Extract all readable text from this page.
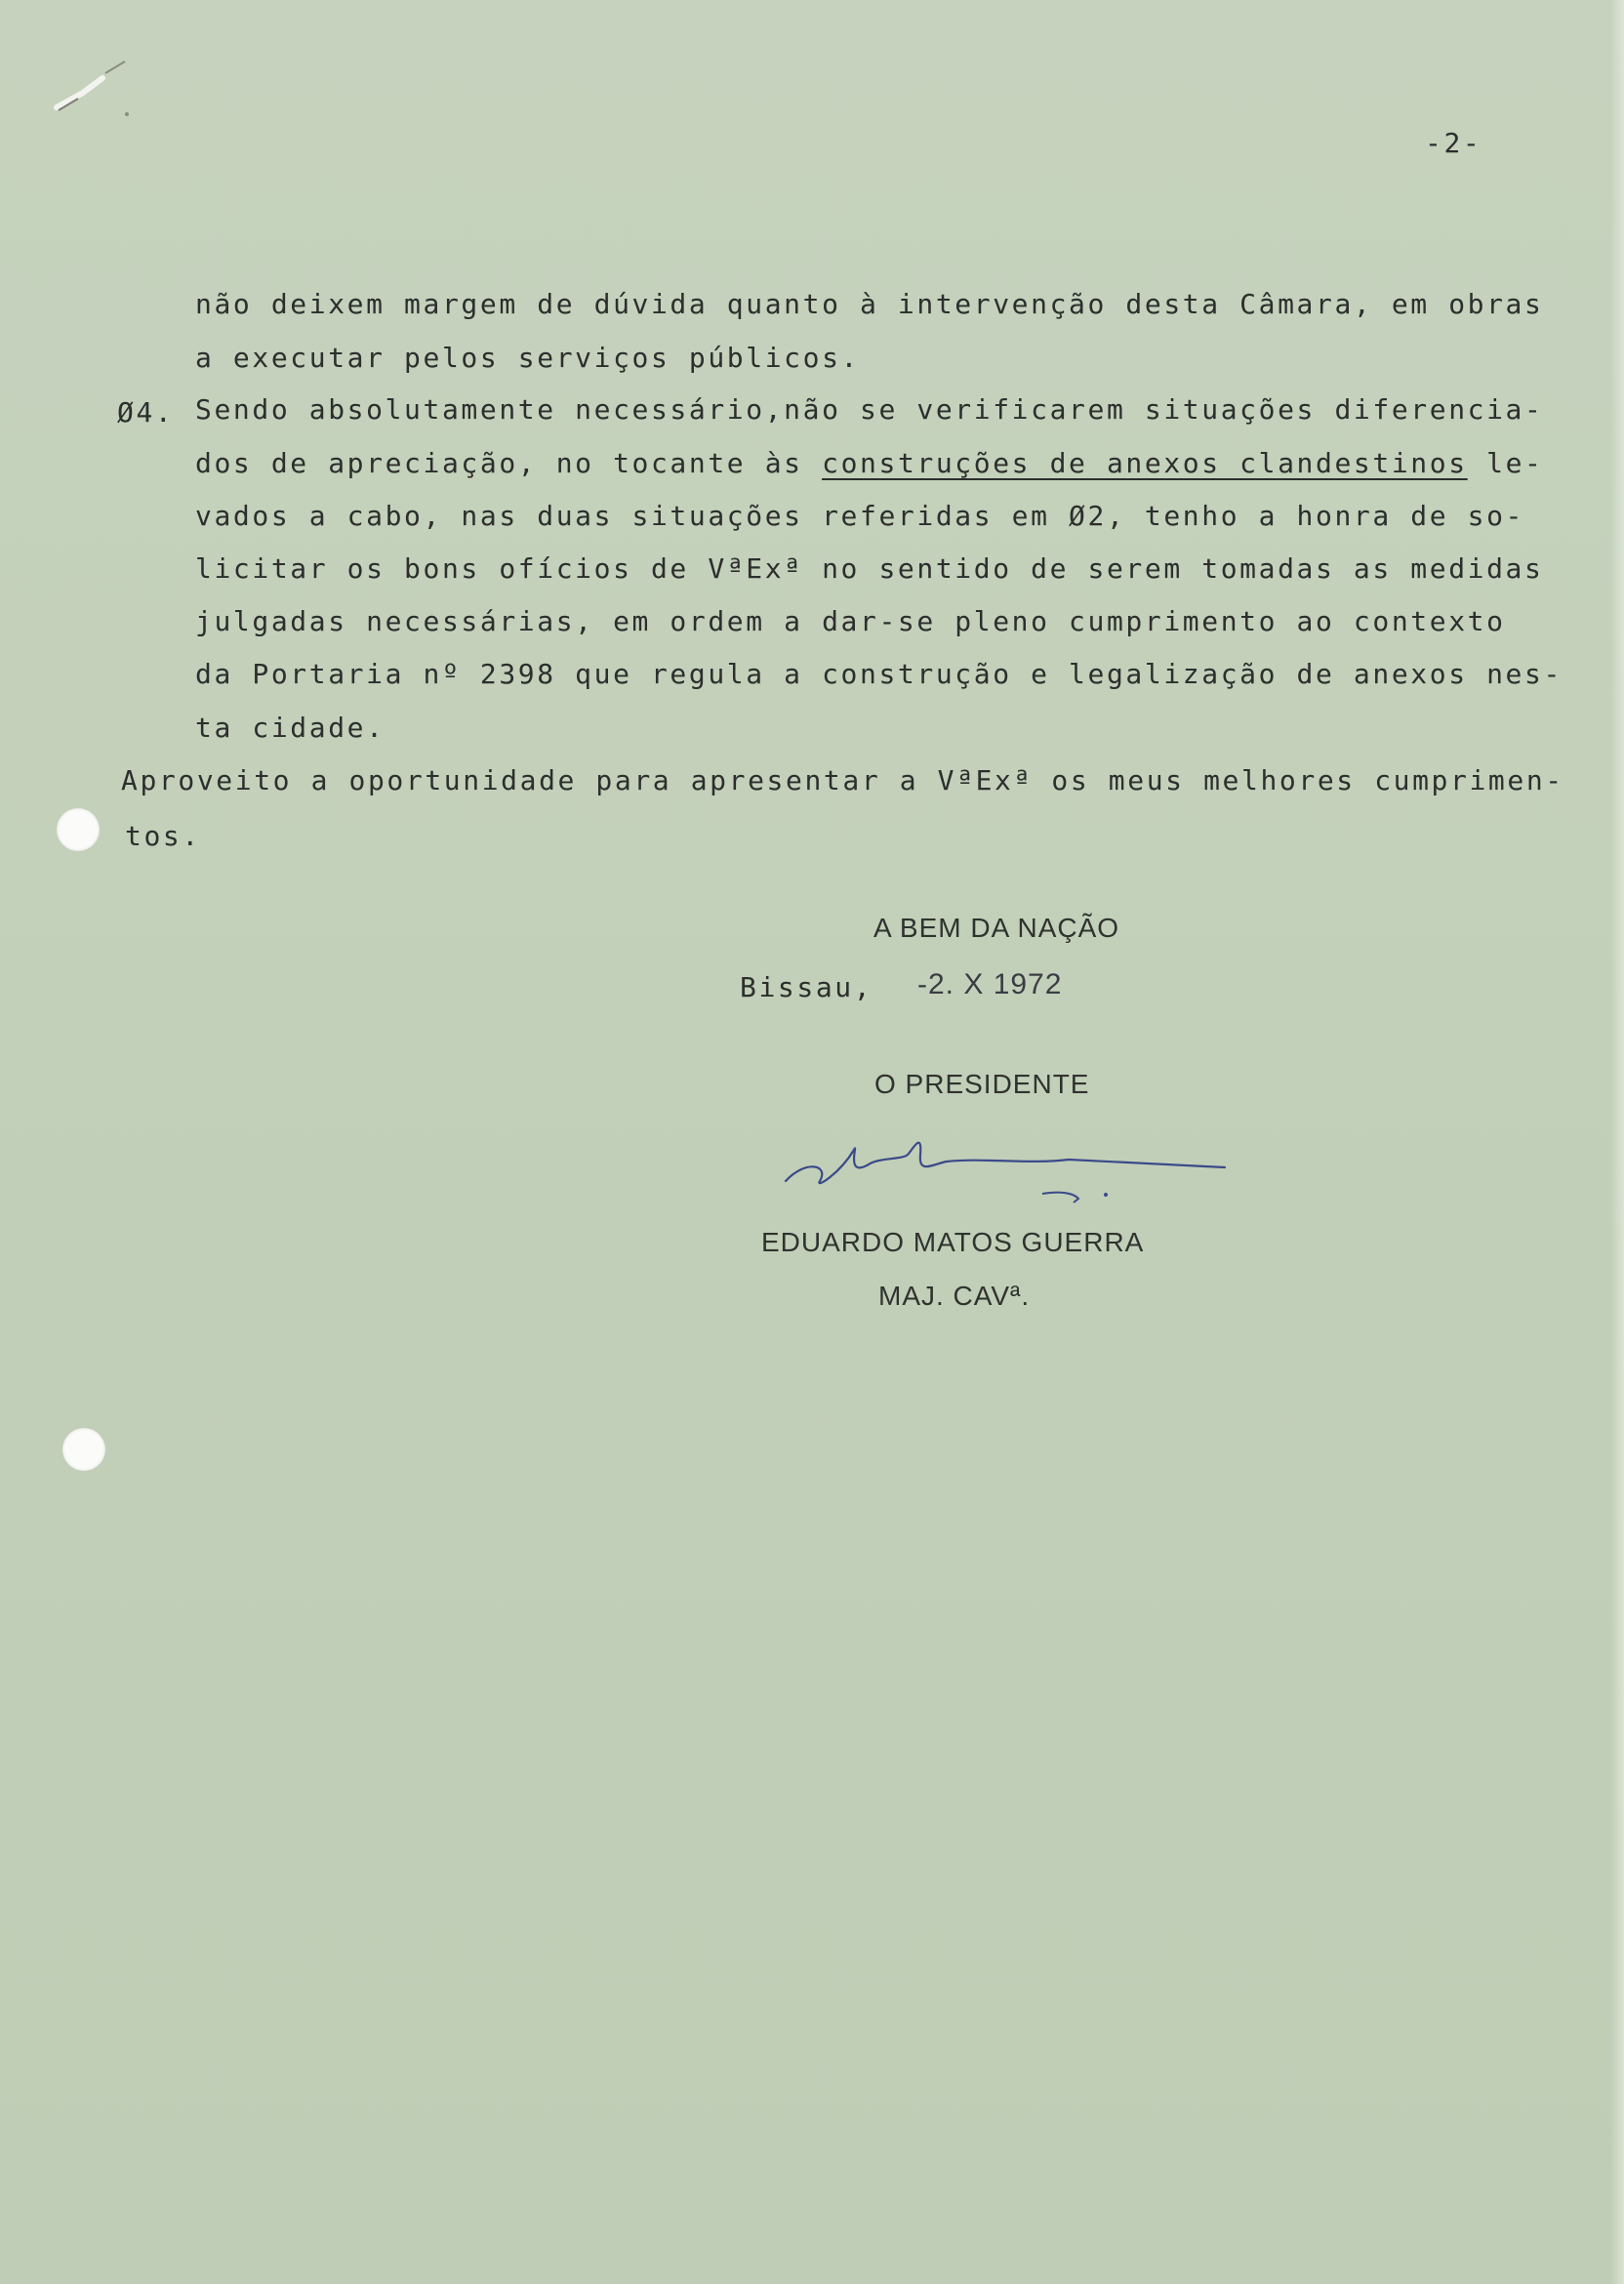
-2-
não deixem margem de dúvida quanto à intervenção desta Câmara, em obras
a executar pelos serviços públicos.
Ø4. Sendo absolutamente necessário,não se verificarem situações diferencia-
dos de apreciação, no tocante às construções de anexos clandestinos le-
vados a cabo, nas duas situações referidas em Ø2, tenho a honra de so-
licitar os bons ofícios de VªExª no sentido de serem tomadas as medidas
julgadas necessárias, em ordem a dar-se pleno cumprimento ao contexto
da Portaria nº 2398 que regula a construção e legalização de anexos nes-
ta cidade.
Aproveito a oportunidade para apresentar a VªExª os meus melhores cumprimen-
tos.
A BEM DA NAÇÃO
Bissau, -2. X 1972
O PRESIDENTE
EDUARDO MATOS GUERRA
MAJ. CAVª.
